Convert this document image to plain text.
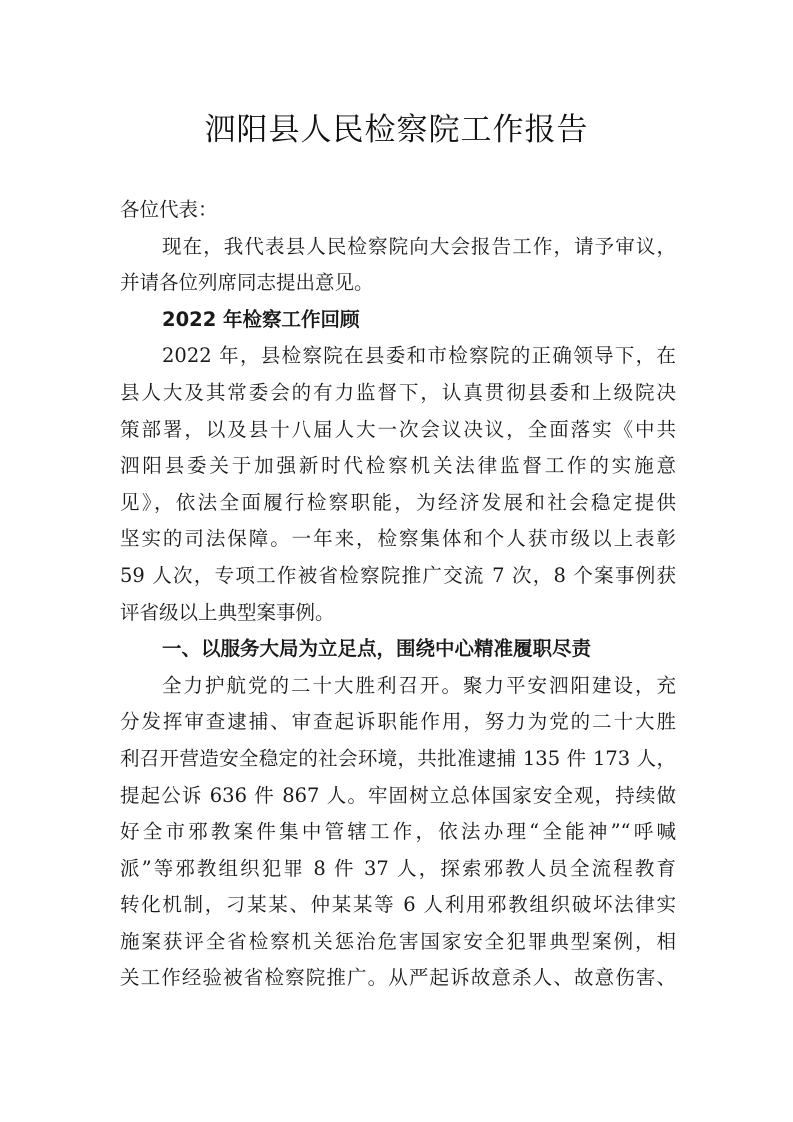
泗阳县人民检察院工作报告
各位代表：
现在，我代表县人民检察院向大会报告工作，请予审议，
并请各位列席同志提出意见。
2022 年检察工作回顾
2022 年，县检察院在县委和市检察院的正确领导下，在
县人大及其常委会的有力监督下，认真贯彻县委和上级院决
策部署，以及县十八届人大一次会议决议，全面落实《中共
泗阳县委关于加强新时代检察机关法律监督工作的实施意
见》，依法全面履行检察职能，为经济发展和社会稳定提供
坚实的司法保障。一年来，检察集体和个人获市级以上表彰
59 人次，专项工作被省检察院推广交流 7 次，8 个案事例获
评省级以上典型案事例。
一、以服务大局为立足点，围绕中心精准履职尽责
全力护航党的二十大胜利召开。聚力平安泗阳建设，充
分发挥审查逮捕、审查起诉职能作用，努力为党的二十大胜
利召开营造安全稳定的社会环境，共批准逮捕 135 件 173 人，
提起公诉 636 件 867 人。牢固树立总体国家安全观，持续做
好全市邪教案件集中管辖工作，依法办理“全能神”“呼喊
派”等邪教组织犯罪 8 件 37 人，探索邪教人员全流程教育
转化机制，刁某某、仲某某等 6 人利用邪教组织破坏法律实
施案获评全省检察机关惩治危害国家安全犯罪典型案例，相
关工作经验被省检察院推广。从严起诉故意杀人、故意伤害、
